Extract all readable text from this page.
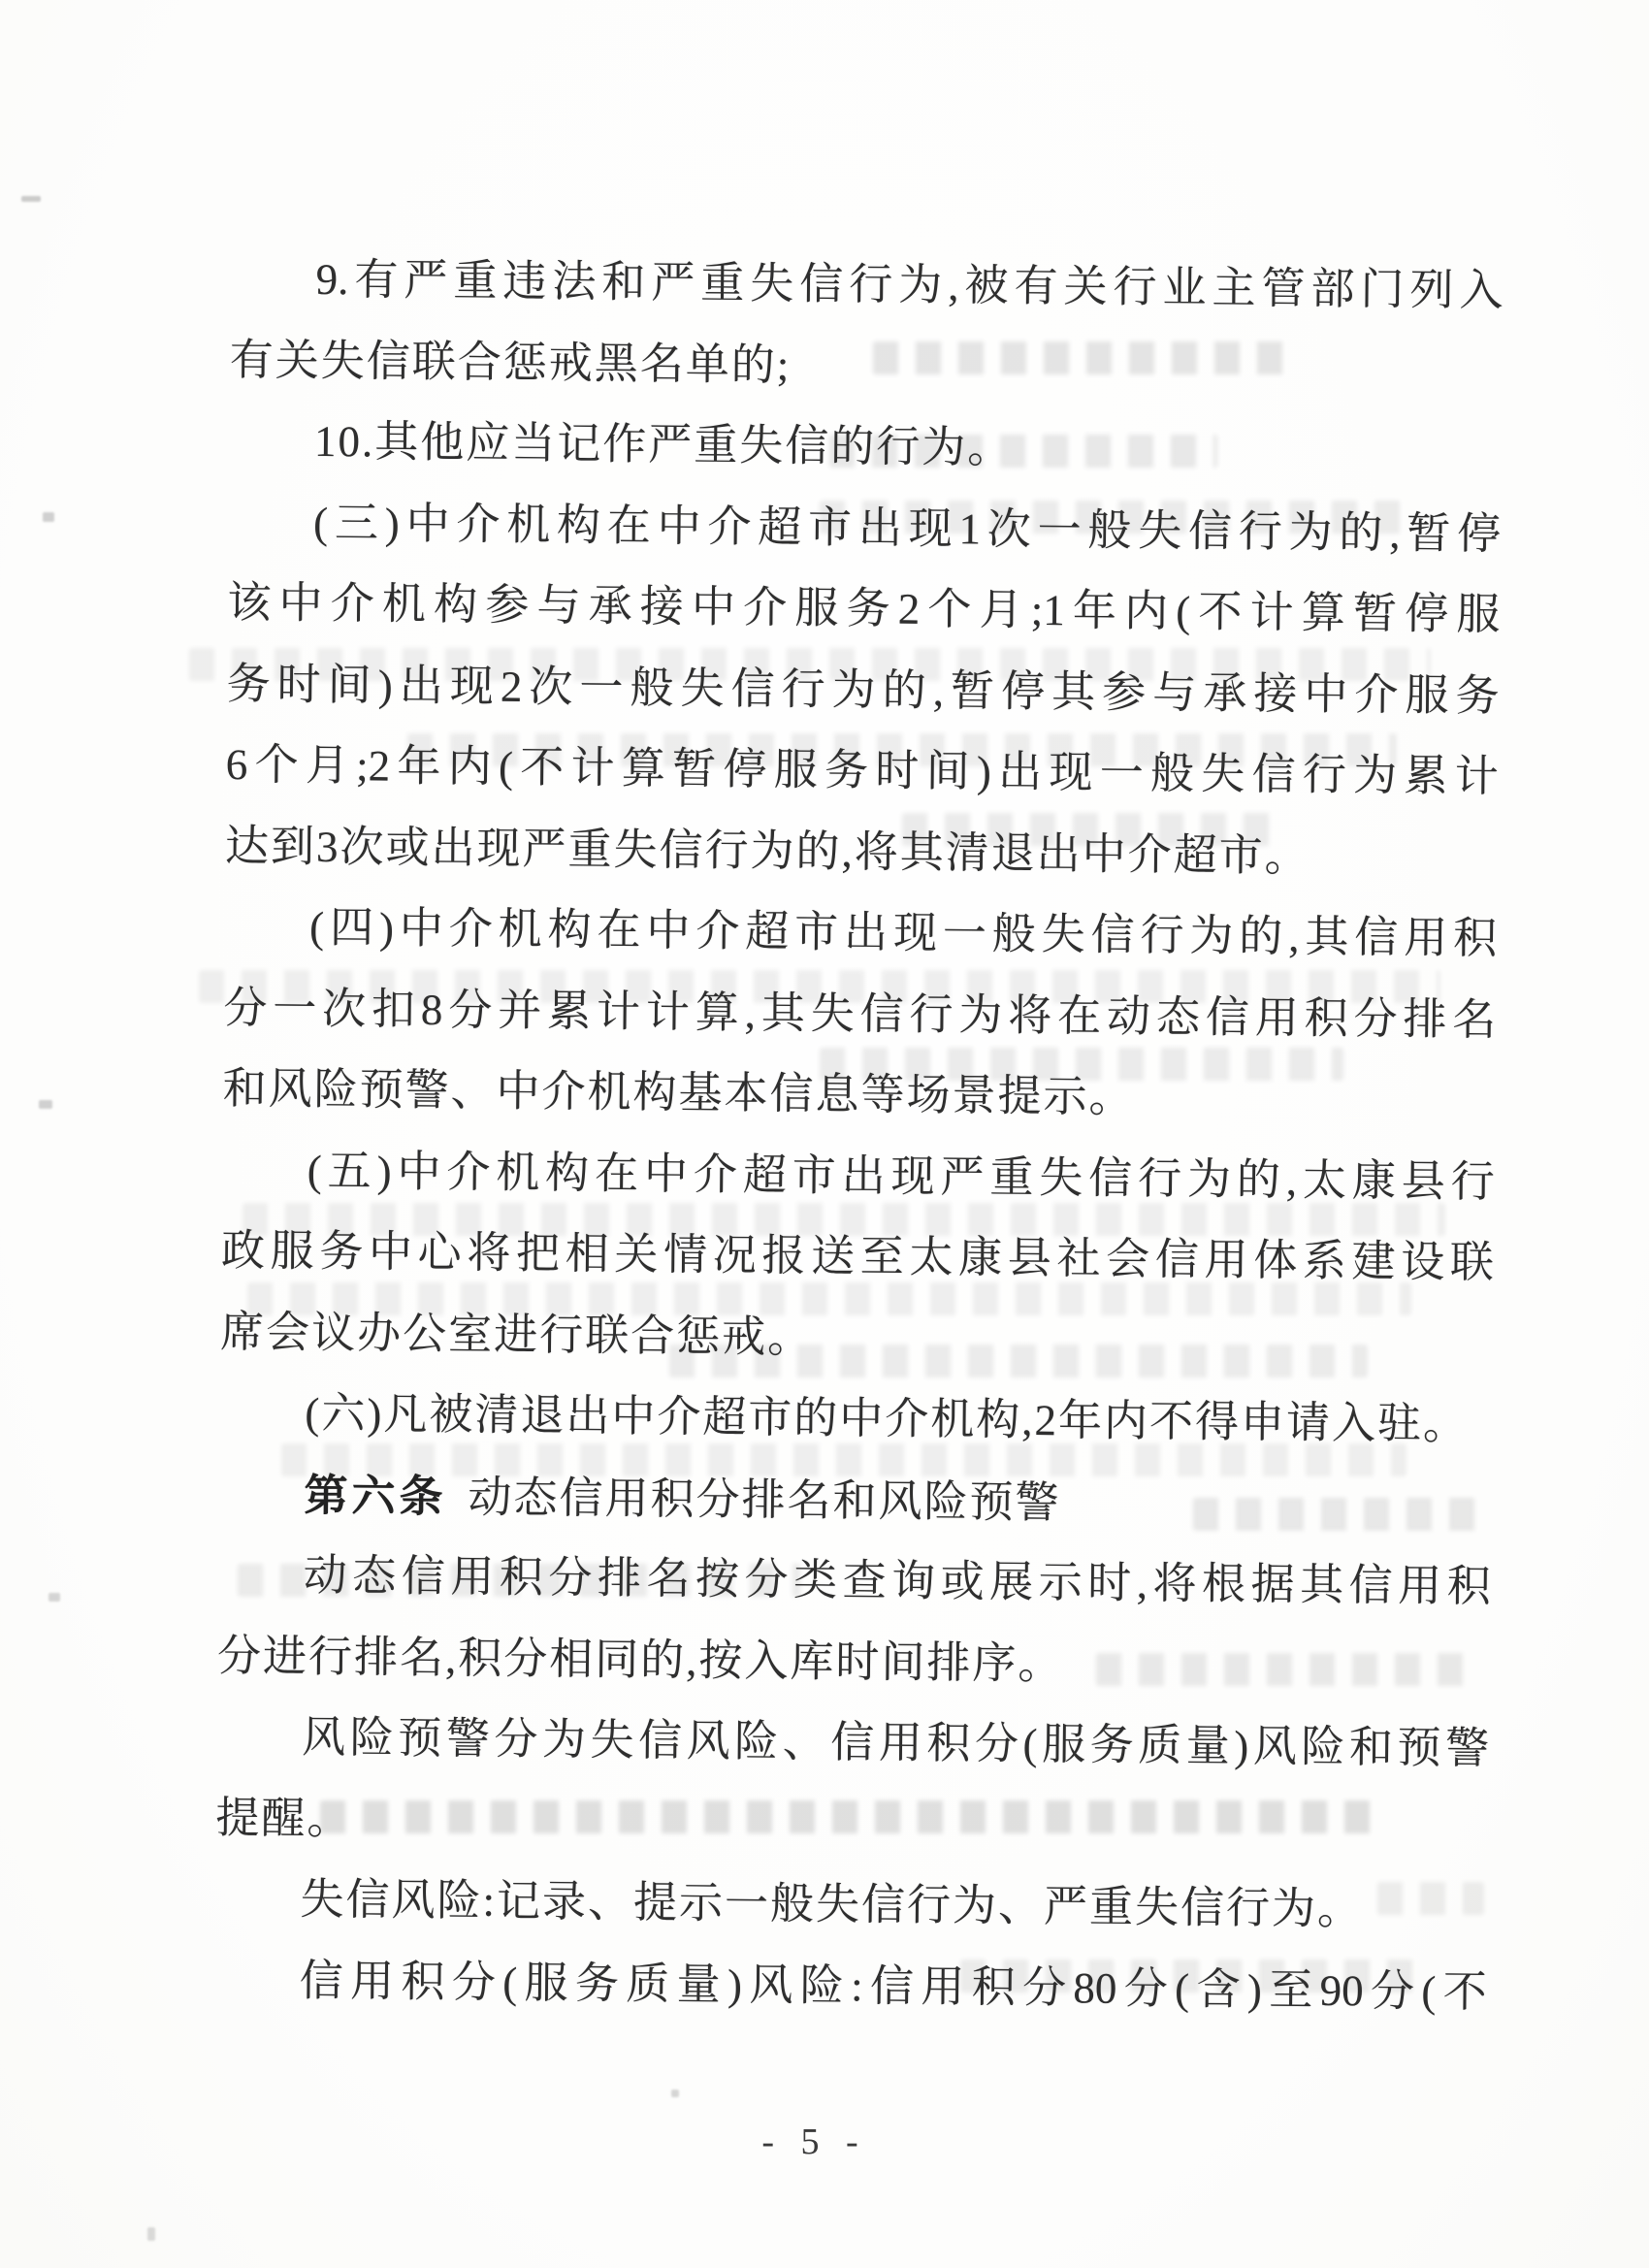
9.有严重违法和严重失信行为,被有关行业主管部门列入
有关失信联合惩戒黑名单的;
10.其他应当记作严重失信的行为。
(三)中介机构在中介超市出现1次一般失信行为的,暂停
该中介机构参与承接中介服务2个月;1年内(不计算暂停服
务时间)出现2次一般失信行为的,暂停其参与承接中介服务
6个月;2年内(不计算暂停服务时间)出现一般失信行为累计
达到3次或出现严重失信行为的,将其清退出中介超市。
(四)中介机构在中介超市出现一般失信行为的,其信用积
分一次扣8分并累计计算,其失信行为将在动态信用积分排名
和风险预警、中介机构基本信息等场景提示。
(五)中介机构在中介超市出现严重失信行为的,太康县行
政服务中心将把相关情况报送至太康县社会信用体系建设联
席会议办公室进行联合惩戒。
(六)凡被清退出中介超市的中介机构,2年内不得申请入驻。
第六条 动态信用积分排名和风险预警
动态信用积分排名按分类查询或展示时,将根据其信用积
分进行排名,积分相同的,按入库时间排序。
风险预警分为失信风险、信用积分(服务质量)风险和预警
提醒。
失信风险:记录、提示一般失信行为、严重失信行为。
信用积分(服务质量)风险:信用积分80分(含)至90分(不
- 5 -
